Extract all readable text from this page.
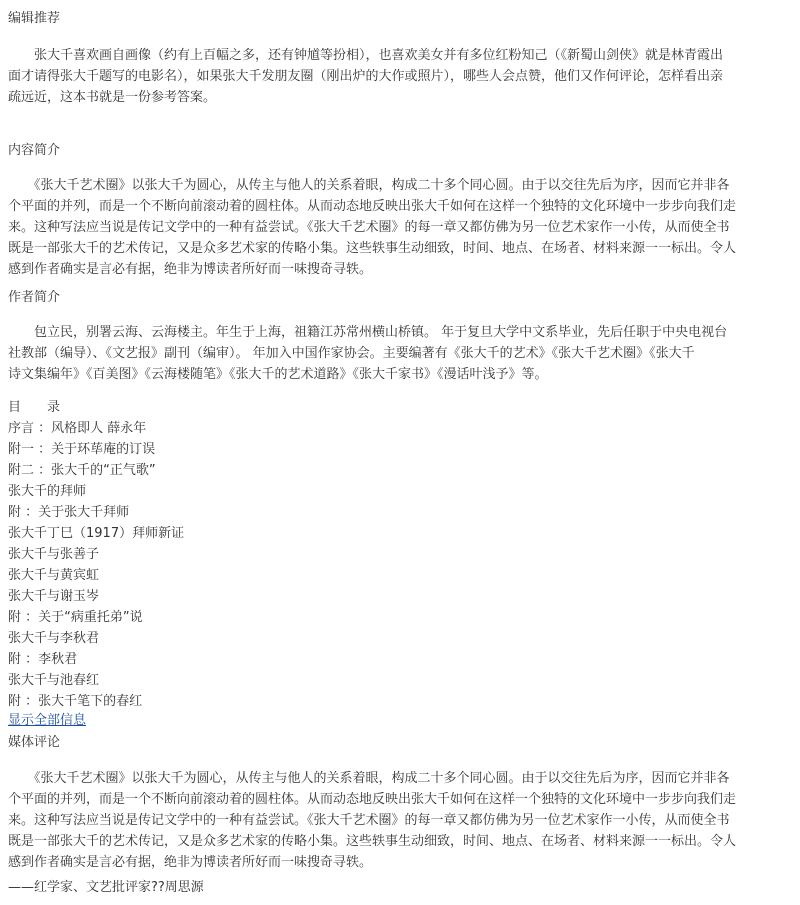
编辑推荐
　　张大千喜欢画自画像（约有上百幅之多，还有钟馗等扮相），也喜欢美女并有多位红粉知己（《新蜀山剑侠》就是林青霞出
面才请得张大千题写的电影名），如果张大千发朋友圈（刚出炉的大作或照片），哪些人会点赞，他们又作何评论，怎样看出亲
疏远近，这本书就是一份参考答案。
内容简介
　　《张大千艺术圈》以张大千为圆心，从传主与他人的关系着眼，构成二十多个同心圆。由于以交往先后为序，因而它并非各
个平面的并列，而是一个不断向前滚动着的圆柱体。从而动态地反映出张大千如何在这样一个独特的文化环境中一步步向我们走
来。这种写法应当说是传记文学中的一种有益尝试。《张大千艺术圈》的每一章又都仿佛为另一位艺术家作一小传，从而使全书
既是一部张大千的艺术传记，又是众多艺术家的传略小集。这些轶事生动细致，时间、地点、在场者、材料来源一一标出。令人
感到作者确实是言必有据，绝非为博读者所好而一味搜奇寻轶。
作者简介
　　包立民，别署云海、云海楼主。年生于上海，祖籍江苏常州横山桥镇。 年于复旦大学中文系毕业，先后任职于中央电视台
社教部（编导）、《文艺报》副刊（编审）。 年加入中国作家协会。主要编著有《张大千的艺术》《张大千艺术圈》《张大千
诗文集编年》《百美图》《云海楼随笔》《张大千的艺术道路》《张大千家书》《漫话叶浅予》等。
目　　录
序言 ：风格即人 薛永年
附一 ：关于环荜庵的订误
附二 ：张大千的“正气歌”
张大千的拜师
附 ：关于张大千拜师
张大千丁巳（1917）拜师新证
张大千与张善子
张大千与黄宾虹
张大千与谢玉岑
附 ：关于“病重托弟”说
张大千与李秋君
附 ：李秋君
张大千与池春红
附 ：张大千笔下的春红
显示全部信息
媒体评论
　　《张大千艺术圈》以张大千为圆心，从传主与他人的关系着眼，构成二十多个同心圆。由于以交往先后为序，因而它并非各
个平面的并列，而是一个不断向前滚动着的圆柱体。从而动态地反映出张大千如何在这样一个独特的文化环境中一步步向我们走
来。这种写法应当说是传记文学中的一种有益尝试。《张大千艺术圈》的每一章又都仿佛为另一位艺术家作一小传，从而使全书
既是一部张大千的艺术传记，又是众多艺术家的传略小集。这些轶事生动细致，时间、地点、在场者、材料来源一一标出。令人
感到作者确实是言必有据，绝非为博读者所好而一味搜奇寻轶。
——红学家、文艺批评家??周思源
